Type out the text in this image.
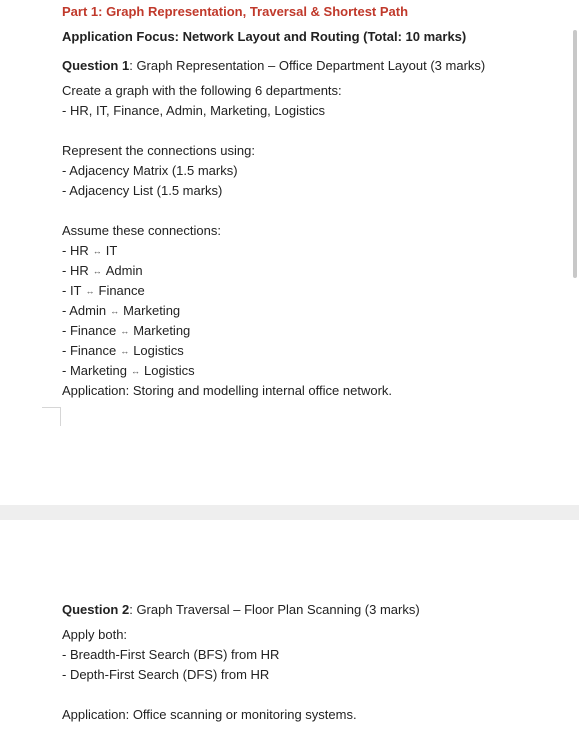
Part 1: Graph Representation, Traversal & Shortest Path
Application Focus: Network Layout and Routing (Total: 10 marks)
Question 1: Graph Representation – Office Department Layout (3 marks)
Create a graph with the following 6 departments:
- HR, IT, Finance, Admin, Marketing, Logistics
Represent the connections using:
- Adjacency Matrix (1.5 marks)
- Adjacency List (1.5 marks)
Assume these connections:
- HR ↔ IT
- HR ↔ Admin
- IT ↔ Finance
- Admin ↔ Marketing
- Finance ↔ Marketing
- Finance ↔ Logistics
- Marketing ↔ Logistics
Application: Storing and modelling internal office network.
Question 2: Graph Traversal – Floor Plan Scanning (3 marks)
Apply both:
- Breadth-First Search (BFS) from HR
- Depth-First Search (DFS) from HR
Application: Office scanning or monitoring systems.
